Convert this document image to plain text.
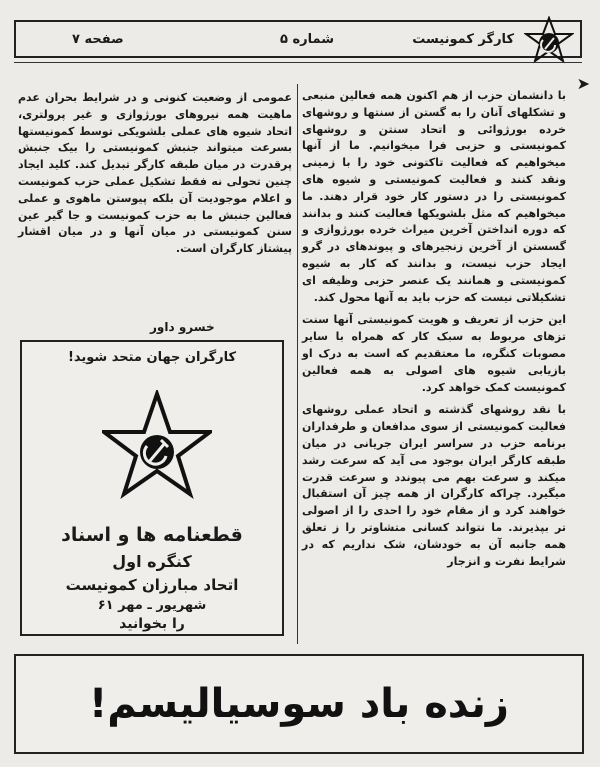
کارگر کمونیست
شماره ۵
صفحه ۷
➤

با دانشمان حزب از هم اکنون همه فعالین منبعی و تشکلهای آنان را به گستن از سنتها و روشهای خرده بورژوائی و اتحاد سنتن و روشهای کمونیستی و حزبی فرا میخوانیم. ما از آنها میخواهیم که فعالیت تاکتونی خود را با زمینی ونقد کنند و فعالیت کمونیستی و شیوه های کمونیستی را در دستور کار خود قرار دهند. ما میخواهیم که مثل بلشویکها فعالیت کنند و بدانند که دوره انداختن آخرین میراث خرده بورژوازی و گسستن از آخرین زنجیرهای و پیوندهای در گرو ایجاد حزب نیست، و بدانند که کار به شیوه کمونیستی و همانند یک عنصر حزبی وظیفه ای تشکیلاتی نیست که حزب باید به آنها محول کند.

این حزب از تعریف و هویت کمونیستی آنها سنت تزهای مربوط به سبک کار که همراه با سایر مصوبات کنگره، ما معتقدیم که است به درک او بازیابی شیوه های اصولی به همه فعالین کمونیست کمک خواهد کرد.

با نقد روشهای گذشته و اتحاد عملی روشهای فعالیت کمونیستی از سوی مدافعان و طرفداران برنامه حزب در سراسر ایران جریانی در میان طبقه کارگر ایران بوجود می آید که سرعت رشد میکند و سرعت بهم می پیوندد و سرعت قدرت میگیرد. چراکه کارگران از همه چیز آن استقبال خواهند کرد و از مقام خود را احدی را از اصولی تر بپذیرند. ما نتواند کسانی متشاوتر را ز تعلق همه جانبه آن به خودشان، شک نداریم که در شرایط نفرت و انزجار

عمومی از وضعیت کنونی و در شرایط بحران عدم ماهیت همه نیروهای بورژوازی و غیر پرولتری، اتحاد شیوه های عملی بلشویکی توسط کمونیستها بسرعت میتواند جنبش کمونیستی را بیک جنبش پرقدرت در میان طبقه کارگر تبدیل کند. کلید ایجاد چنین تحولی نه فقط تشکیل عملی حزب کمونیست و اعلام موجودیت آن بلکه پیوستن ماهوی و عملی فعالین جنبش ما به حزب کمونیست و جا گیر عین سنن کمونیستی در میان آنها و در میان اقشار پیشتاز کارگران است.

خسرو داور
کارگران جهان متحد شوید!
قطعنامه ها و اسناد
کنگره اول
اتحاد مبارزان کمونیست
شهریور ـ مهر ۶۱
را بخوانید
زنده باد سوسیالیسم!
